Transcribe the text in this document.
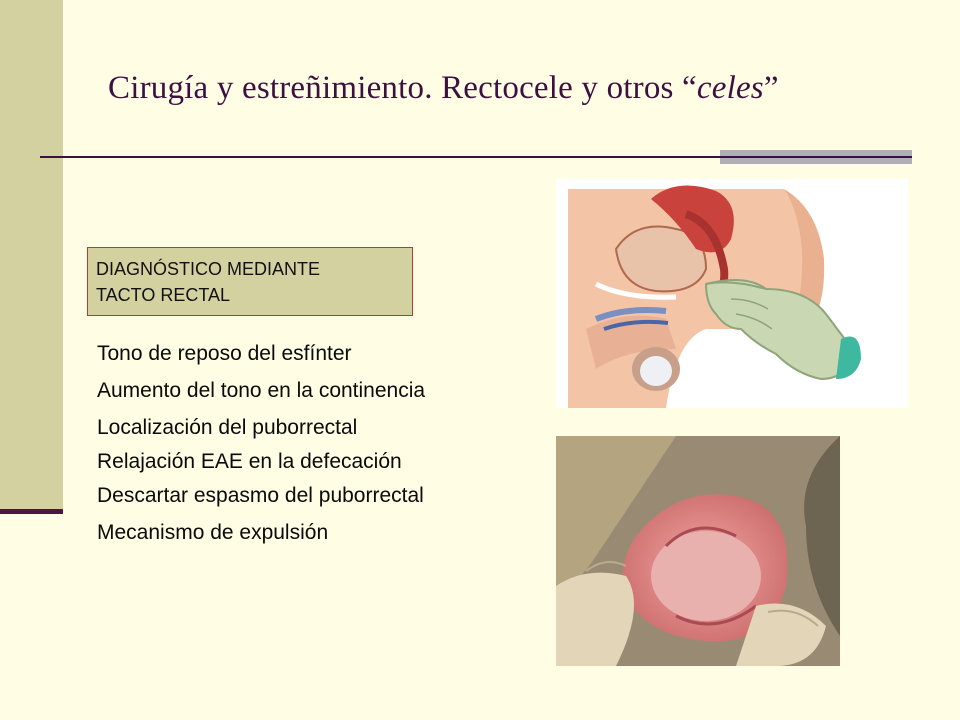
Cirugía y estreñimiento. Rectocele y otros “celes”
DIAGNÓSTICO MEDIANTE
TACTO RECTAL
Tono de reposo del esfínter
Aumento del tono en la continencia
Localización del puborrectal
Relajación EAE en la defecación
Descartar espasmo del puborrectal
Mecanismo de expulsión
